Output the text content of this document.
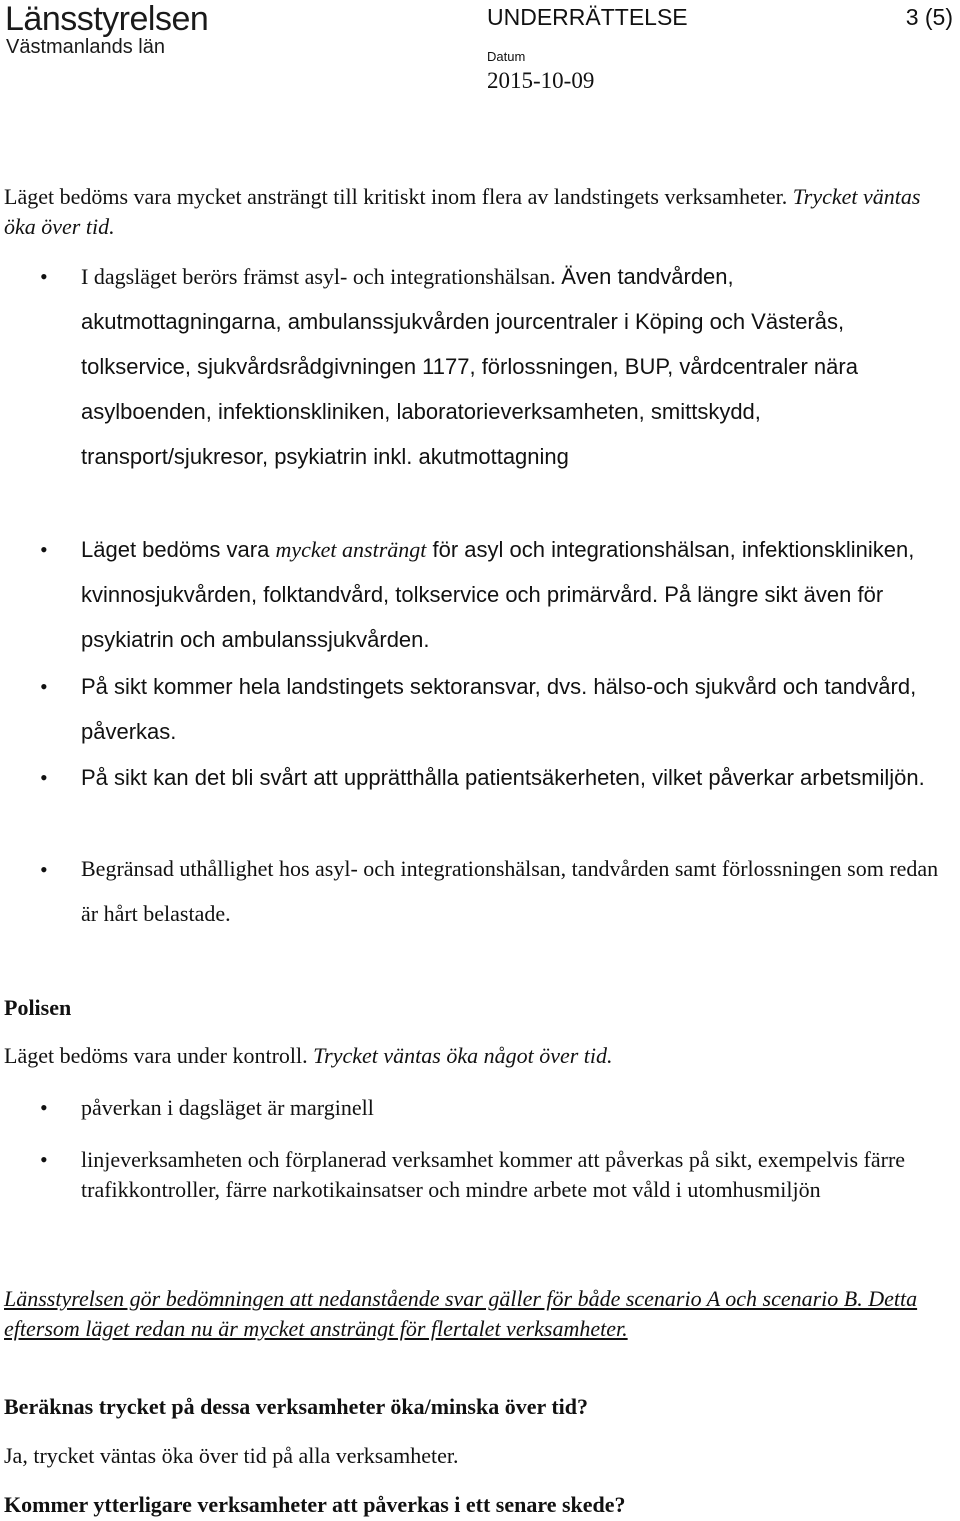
Länsstyrelsen
Västmanlands län
UNDERRÄTTELSE	3 (5)
Datum
2015-10-09
Läget bedöms vara mycket ansträngt till kritiskt inom flera av landstingets verksamheter. Trycket väntas öka över tid.
• I dagsläget berörs främst asyl- och integrationshälsan. Även tandvården, akutmottagningarna, ambulanssjukvården jourcentraler i Köping och Västerås, tolkservice, sjukvårdsrådgivningen 1177, förlossningen, BUP, vårdcentraler nära asylboenden, infektionskliniken, laboratorieverksamheten, smittskydd, transport/sjukresor, psykiatrin inkl. akutmottagning
• Läget bedöms vara mycket ansträngt för asyl och integrationshälsan, infektionskliniken, kvinnosjukvården, folktandvård, tolkservice och primärvård. På längre sikt även för psykiatrin och ambulanssjukvården.
• På sikt kommer hela landstingets sektoransvar, dvs. hälso-och sjukvård och tandvård, påverkas.
• På sikt kan det bli svårt att upprätthålla patientsäkerheten, vilket påverkar arbetsmiljön.
• Begränsad uthållighet hos asyl- och integrationshälsan, tandvården samt förlossningen som redan är hårt belastade.
Polisen
Läget bedöms vara under kontroll. Trycket väntas öka något över tid.
• påverkan i dagsläget är marginell
• linjeverksamheten och förplanerad verksamhet kommer att påverkas på sikt, exempelvis färre trafikkontroller, färre narkotikainsatser och mindre arbete mot våld i utomhusmiljön
Länsstyrelsen gör bedömningen att nedanstående svar gäller för både scenario A och scenario B. Detta eftersom läget redan nu är mycket ansträngt för flertalet verksamheter.
Beräknas trycket på dessa verksamheter öka/minska över tid?
Ja, trycket väntas öka över tid på alla verksamheter.
Kommer ytterligare verksamheter att påverkas i ett senare skede?
